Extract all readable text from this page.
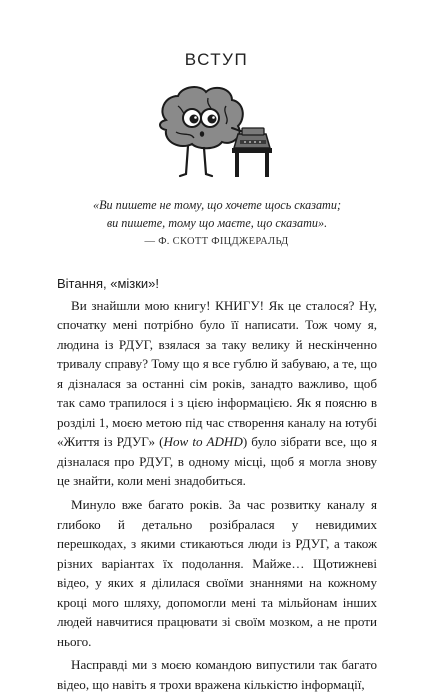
ВСТУП
«Ви пишете не тому, що хочете щось сказати;
ви пишете, тому що маєте, що сказати».
— Ф. СКОТТ ФІЦДЖЕРАЛЬД
Вітання, «мізки»!

Ви знайшли мою книгу! КНИГУ! Як це сталося? Ну, спочатку мені потрібно було її написати. Тож чому я, людина із РДУГ, взялася за таку велику й нескінченно тривалу справу? Тому що я все гублю й забуваю, а те, що я дізналася за останні сім років, занадто важливо, щоб так само трапилося і з цією інформацією. Як я поясню в розділі 1, моєю метою під час створення каналу на ютубі «Життя із РДУГ» (How to ADHD) було зібрати все, що я дізналася про РДУГ, в одному місці, щоб я могла знову це знайти, коли мені знадобиться.

Минуло вже багато років. За час розвитку каналу я глибоко й детально розібралася у невидимих перешкодах, з якими стикаються люди із РДУГ, а також різних варіантах їх подолання. Майже… Щотижневі відео, у яких я ділилася своїми знаннями на кожному кроці мого шляху, допомогли мені та мільйонам інших людей навчитися працювати зі своїм мозком, а не проти нього.

Насправді ми з моєю командою випустили так багато відео, що навіть я трохи вражена кількістю інформації,
